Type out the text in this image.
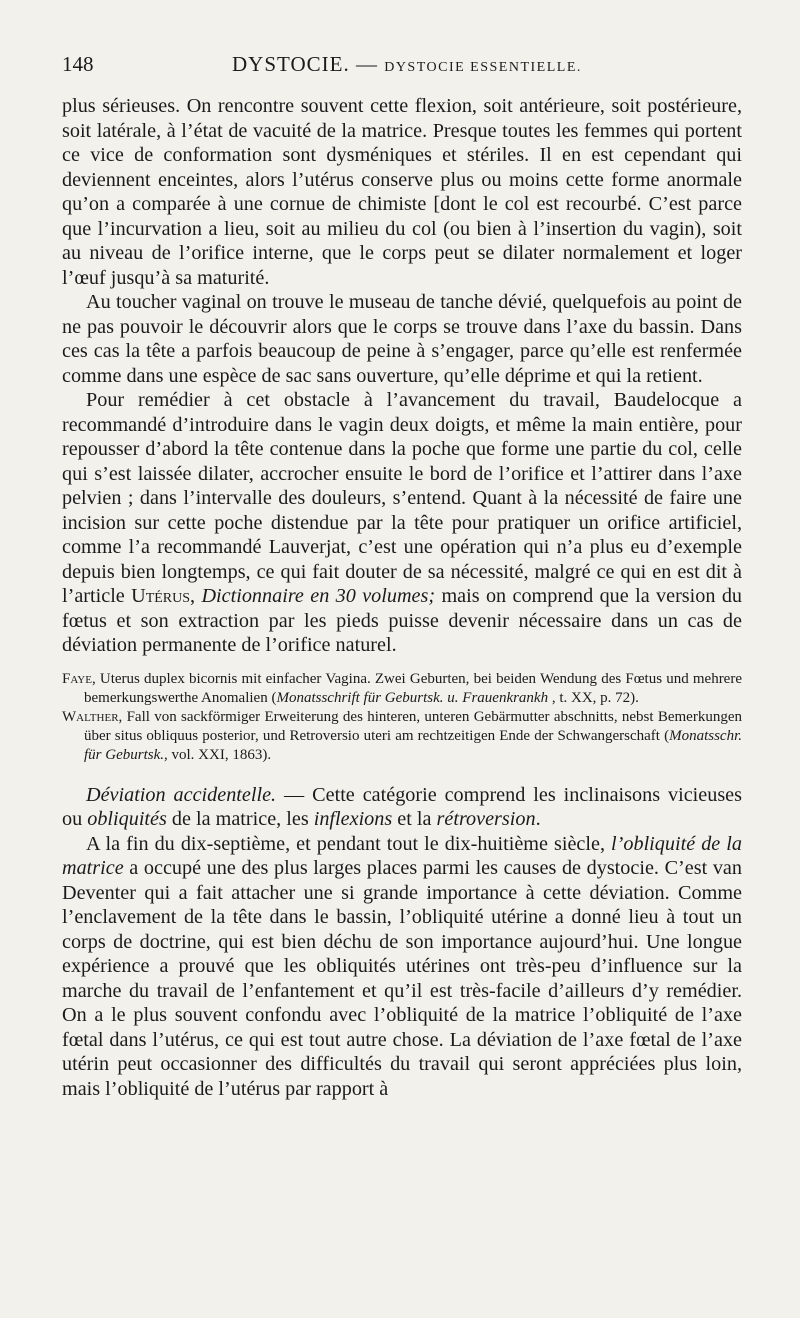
148	DYSTOCIE. — DYSTOCIE ESSENTIELLE.

plus sérieuses. On rencontre souvent cette flexion, soit antérieure, soit postérieure, soit latérale, à l’état de vacuité de la matrice. Presque toutes les femmes qui portent ce vice de conformation sont dysméniques et stériles. Il en est cependant qui deviennent enceintes, alors l’utérus conserve plus ou moins cette forme anormale qu’on a comparée à une cornue de chimiste [dont le col est recourbé. C’est parce que l’incurvation a lieu, soit au milieu du col (ou bien à l’insertion du vagin), soit au niveau de l’orifice interne, que le corps peut se dilater normalement et loger l’œuf jusqu’à sa maturité.

Au toucher vaginal on trouve le museau de tanche dévié, quelquefois au point de ne pas pouvoir le découvrir alors que le corps se trouve dans l’axe du bassin. Dans ces cas la tête a parfois beaucoup de peine à s’engager, parce qu’elle est renfermée comme dans une espèce de sac sans ouverture, qu’elle déprime et qui la retient.

Pour remédier à cet obstacle à l’avancement du travail, Baudelocque a recommandé d’introduire dans le vagin deux doigts, et même la main entière, pour repousser d’abord la tête contenue dans la poche que forme une partie du col, celle qui s’est laissée dilater, accrocher ensuite le bord de l’orifice et l’attirer dans l’axe pelvien ; dans l’intervalle des douleurs, s’entend. Quant à la nécessité de faire une incision sur cette poche distendue par la tête pour pratiquer un orifice artificiel, comme l’a recommandé Lauverjat, c’est une opération qui n’a plus eu d’exemple depuis bien longtemps, ce qui fait douter de sa nécessité, malgré ce qui en est dit à l’article Utérus, Dictionnaire en 30 volumes; mais on comprend que la version du fœtus et son extraction par les pieds puisse devenir nécessaire dans un cas de déviation permanente de l’orifice naturel.

Faye, Uterus duplex bicornis mit einfacher Vagina. Zwei Geburten, bei beiden Wendung des Fœtus und mehrere bemerkungswerthe Anomalien (Monatsschrift für Geburtsk. u. Frauenkrankh , t. XX, p. 72).

Walther, Fall von sackförmiger Erweiterung des hinteren, unteren Gebärmutter abschnitts, nebst Bemerkungen über situs obliquus posterior, und Retroversio uteri am rechtzeitigen Ende der Schwangerschaft (Monatsschr. für Geburtsk., vol. XXI, 1863).

Déviation accidentelle. — Cette catégorie comprend les inclinaisons vicieuses ou obliquités de la matrice, les inflexions et la rétroversion.

A la fin du dix-septième, et pendant tout le dix-huitième siècle, l’obliquité de la matrice a occupé une des plus larges places parmi les causes de dystocie. C’est van Deventer qui a fait attacher une si grande importance à cette déviation. Comme l’enclavement de la tête dans le bassin, l’obliquité utérine a donné lieu à tout un corps de doctrine, qui est bien déchu de son importance aujourd’hui. Une longue expérience a prouvé que les obliquités utérines ont très-peu d’influence sur la marche du travail de l’enfantement et qu’il est très-facile d’ailleurs d’y remédier. On a le plus souvent confondu avec l’obliquité de la matrice l’obliquité de l’axe fœtal dans l’utérus, ce qui est tout autre chose. La déviation de l’axe fœtal de l’axe utérin peut occasionner des difficultés du travail qui seront appréciées plus loin, mais l’obliquité de l’utérus par rapport à
